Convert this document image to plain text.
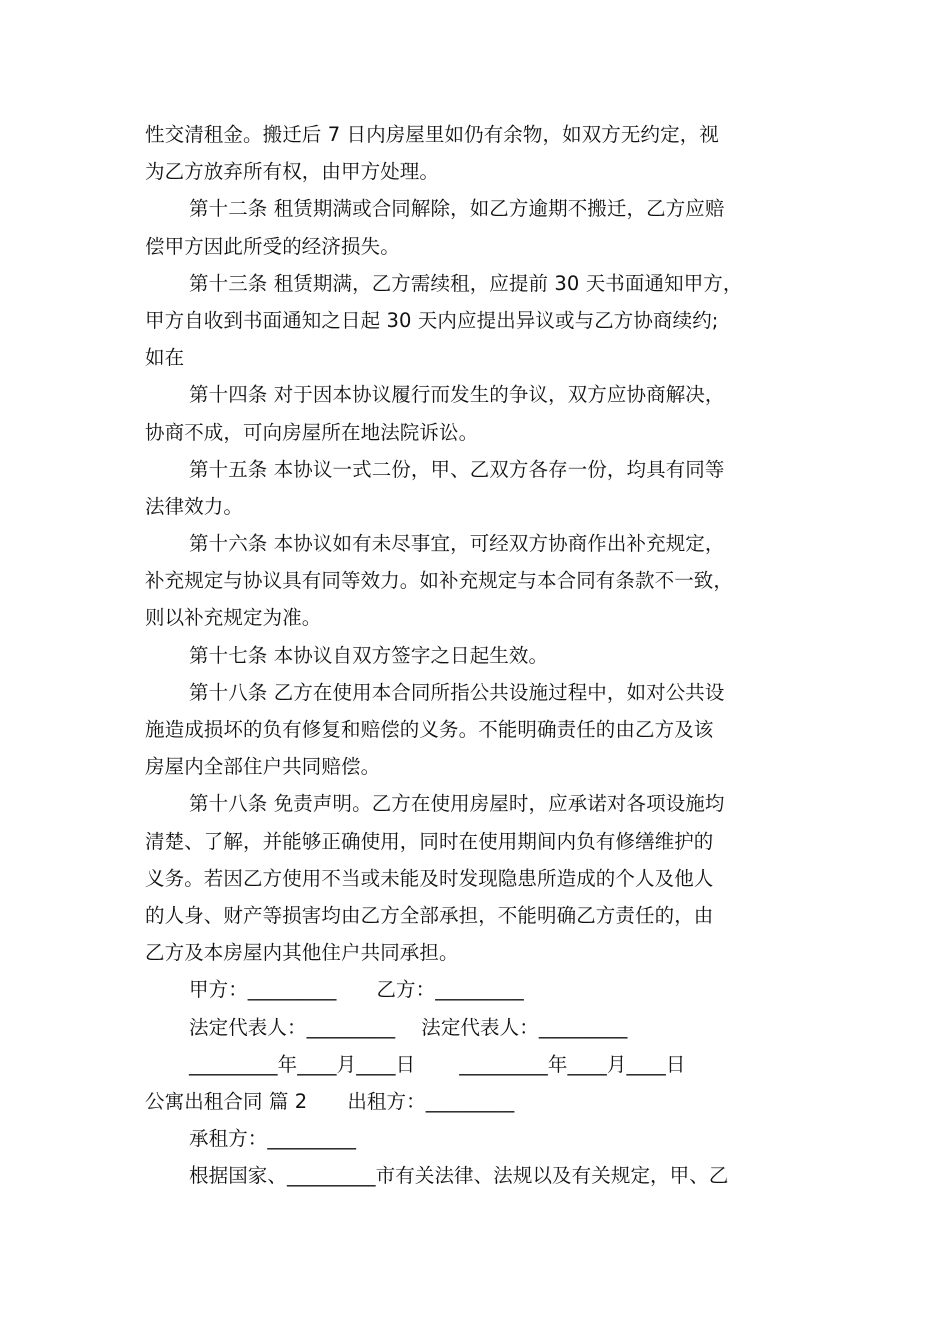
性交清租金。搬迁后 7 日内房屋里如仍有余物，如双方无约定，视
为乙方放弃所有权，由甲方处理。
第十二条 租赁期满或合同解除，如乙方逾期不搬迁，乙方应赔
偿甲方因此所受的经济损失。
第十三条 租赁期满，乙方需续租，应提前 30 天书面通知甲方，
甲方自收到书面通知之日起 30 天内应提出异议或与乙方协商续约;
如在
第十四条 对于因本协议履行而发生的争议，双方应协商解决，
协商不成，可向房屋所在地法院诉讼。
第十五条 本协议一式二份，甲、乙双方各存一份，均具有同等
法律效力。
第十六条 本协议如有未尽事宜，可经双方协商作出补充规定，
补充规定与协议具有同等效力。如补充规定与本合同有条款不一致，
则以补充规定为准。
第十七条 本协议自双方签字之日起生效。
第十八条 乙方在使用本合同所指公共设施过程中，如对公共设
施造成损坏的负有修复和赔偿的义务。不能明确责任的由乙方及该
房屋内全部住户共同赔偿。
第十八条 免责声明。乙方在使用房屋时，应承诺对各项设施均
清楚、了解，并能够正确使用，同时在使用期间内负有修缮维护的
义务。若因乙方使用不当或未能及时发现隐患所造成的个人及他人
的人身、财产等损害均由乙方全部承担，不能明确乙方责任的，由
乙方及本房屋内其他住户共同承担。
甲方：_________ 乙方：_________
法定代表人：_________ 法定代表人：_________
_________年____月____日 _________年____月____日
公寓出租合同 篇 2 出租方：_________
承租方：_________
根据国家、_________市有关法律、法规以及有关规定，甲、乙
